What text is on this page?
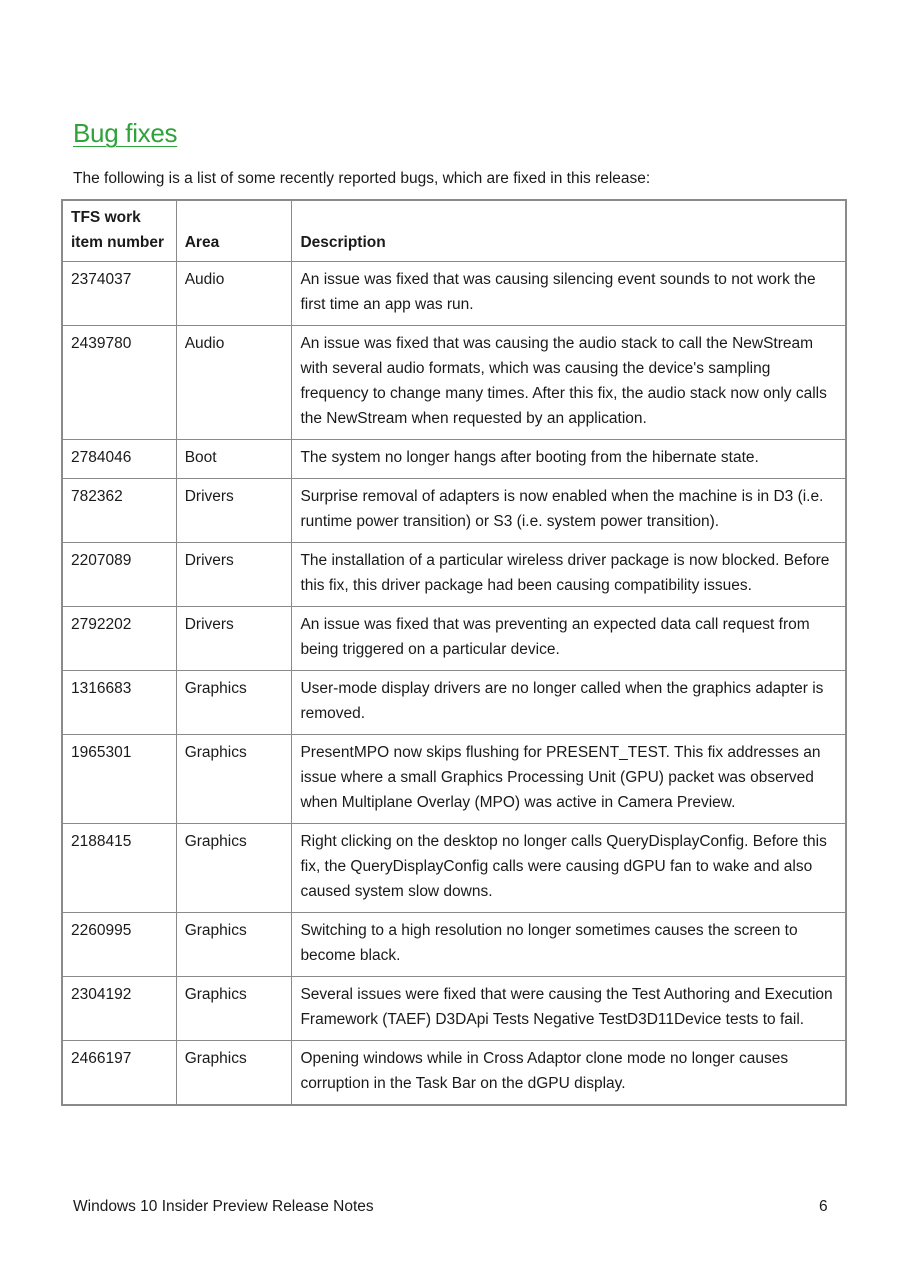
Bug fixes

The following is a list of some recently reported bugs, which are fixed in this release:

TFS work item number	Area	Description
2374037	Audio	An issue was fixed that was causing silencing event sounds to not work the first time an app was run.
2439780	Audio	An issue was fixed that was causing the audio stack to call the NewStream with several audio formats, which was causing the device's sampling frequency to change many times. After this fix, the audio stack now only calls the NewStream when requested by an application.
2784046	Boot	The system no longer hangs after booting from the hibernate state.
782362	Drivers	Surprise removal of adapters is now enabled when the machine is in D3 (i.e. runtime power transition) or S3 (i.e. system power transition).
2207089	Drivers	The installation of a particular wireless driver package is now blocked. Before this fix, this driver package had been causing compatibility issues.
2792202	Drivers	An issue was fixed that was preventing an expected data call request from being triggered on a particular device.
1316683	Graphics	User-mode display drivers are no longer called when the graphics adapter is removed.
1965301	Graphics	PresentMPO now skips flushing for PRESENT_TEST. This fix addresses an issue where a small Graphics Processing Unit (GPU) packet was observed when Multiplane Overlay (MPO) was active in Camera Preview.
2188415	Graphics	Right clicking on the desktop no longer calls QueryDisplayConfig. Before this fix, the QueryDisplayConfig calls were causing dGPU fan to wake and also caused system slow downs.
2260995	Graphics	Switching to a high resolution no longer sometimes causes the screen to become black.
2304192	Graphics	Several issues were fixed that were causing the Test Authoring and Execution Framework (TAEF) D3DApi Tests Negative TestD3D11Device tests to fail.
2466197	Graphics	Opening windows while in Cross Adaptor clone mode no longer causes corruption in the Task Bar on the dGPU display.
Windows 10 Insider Preview Release Notes	6
